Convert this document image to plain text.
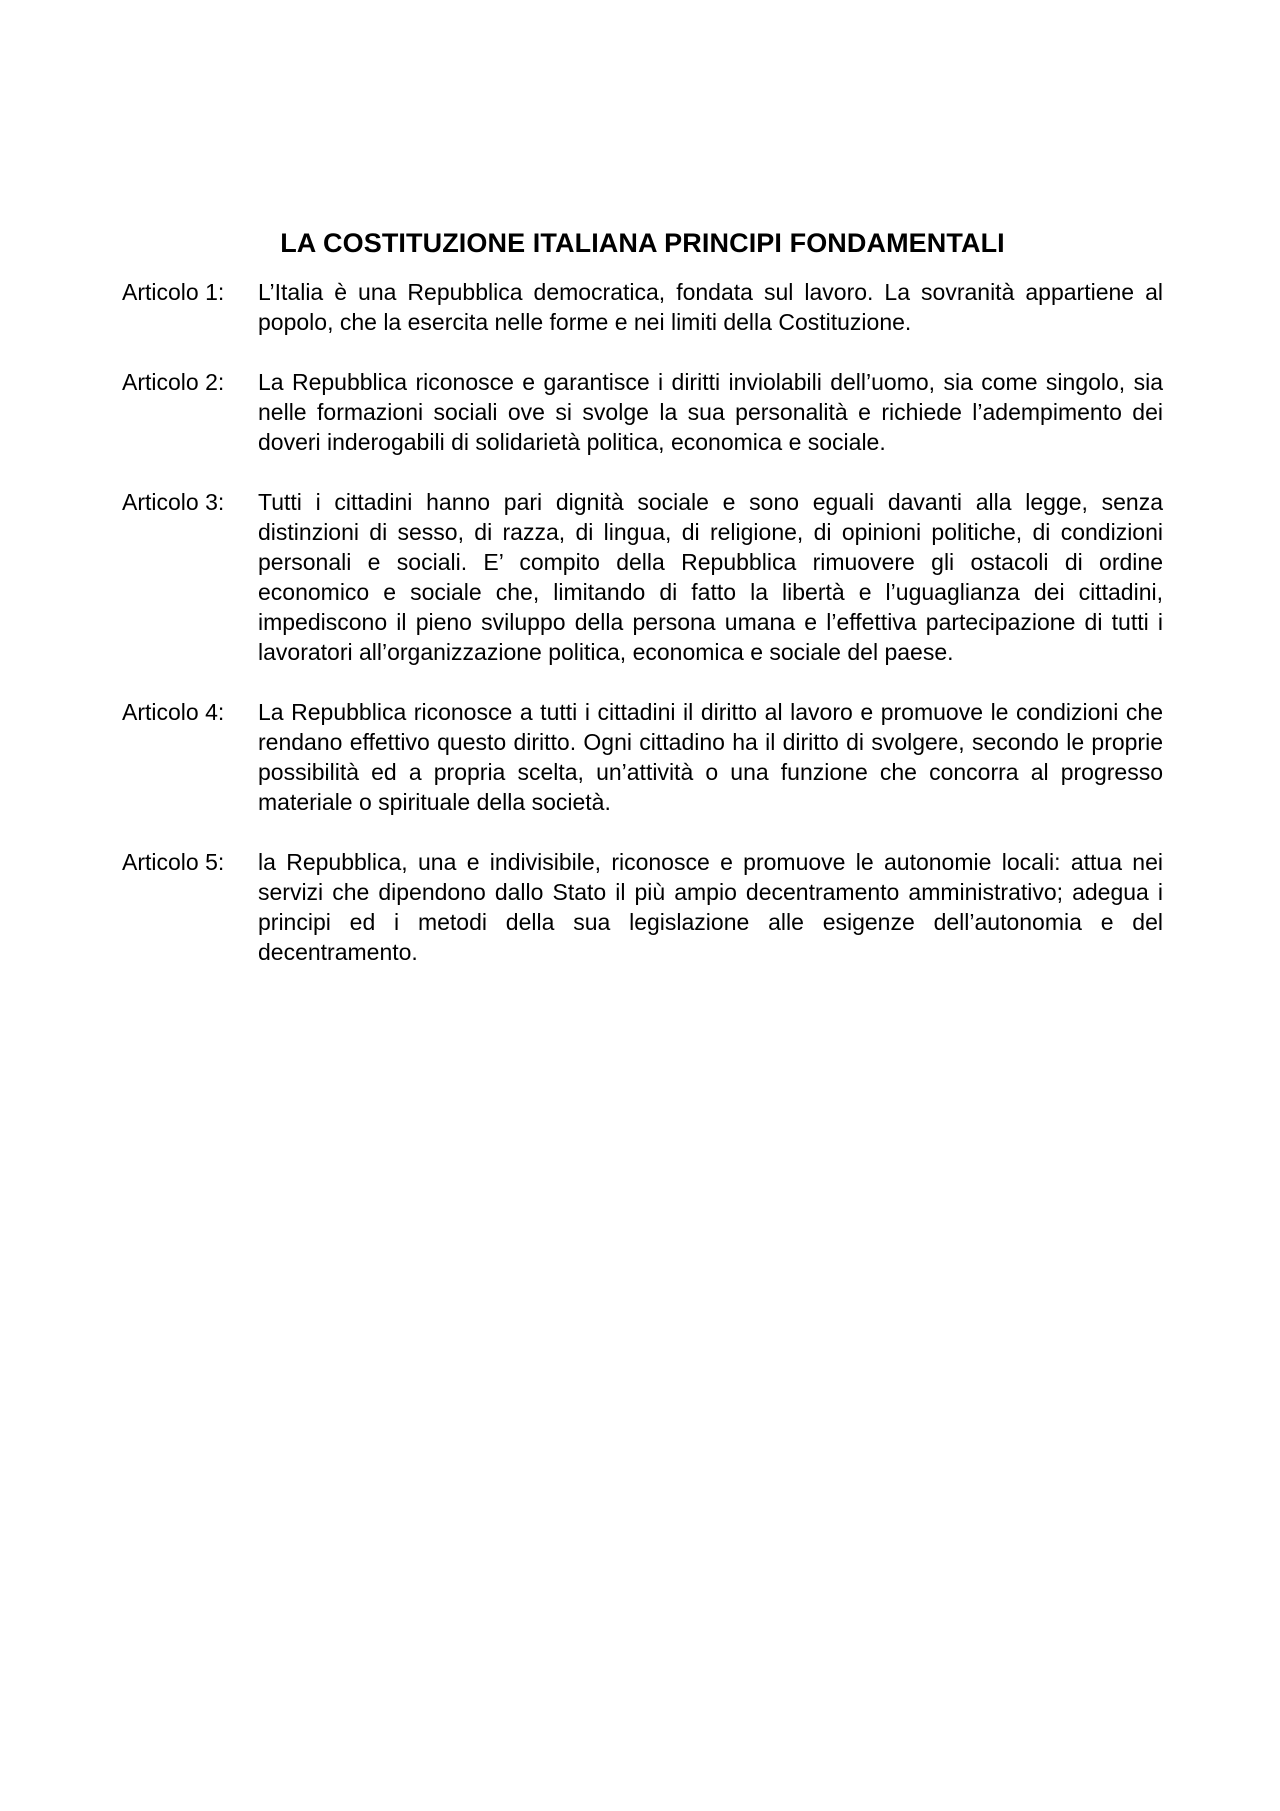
LA COSTITUZIONE ITALIANA PRINCIPI FONDAMENTALI
Articolo 1:	L’Italia è una Repubblica democratica, fondata sul lavoro. La sovranità appartiene al popolo, che la esercita nelle forme e nei limiti della Costituzione.
Articolo 2:	La Repubblica riconosce e garantisce i diritti inviolabili dell’uomo, sia come singolo, sia nelle formazioni sociali ove si svolge la sua personalità e richiede l’adempimento dei doveri inderogabili di solidarietà politica, economica e sociale.
Articolo 3:	Tutti i cittadini hanno pari dignità sociale e sono eguali davanti alla legge, senza distinzioni di sesso, di razza, di lingua, di religione, di opinioni politiche, di condizioni personali e sociali. E’ compito della Repubblica rimuovere gli ostacoli di ordine economico e sociale che, limitando di fatto la libertà e l’uguaglianza dei cittadini, impediscono il pieno sviluppo della persona umana e l’effettiva partecipazione di tutti i lavoratori all’organizzazione politica, economica e sociale del paese.
Articolo 4:	La Repubblica riconosce a tutti i cittadini il diritto al lavoro e promuove le condizioni che rendano effettivo questo diritto. Ogni cittadino ha il diritto di svolgere, secondo le proprie possibilità ed a propria scelta, un’attività o una funzione che concorra al progresso materiale o spirituale della società.
Articolo 5:	la Repubblica, una e indivisibile, riconosce e promuove le autonomie locali: attua nei servizi che dipendono dallo Stato il più ampio decentramento amministrativo; adegua i principi ed i metodi della sua legislazione alle esigenze dell’autonomia e del decentramento.
